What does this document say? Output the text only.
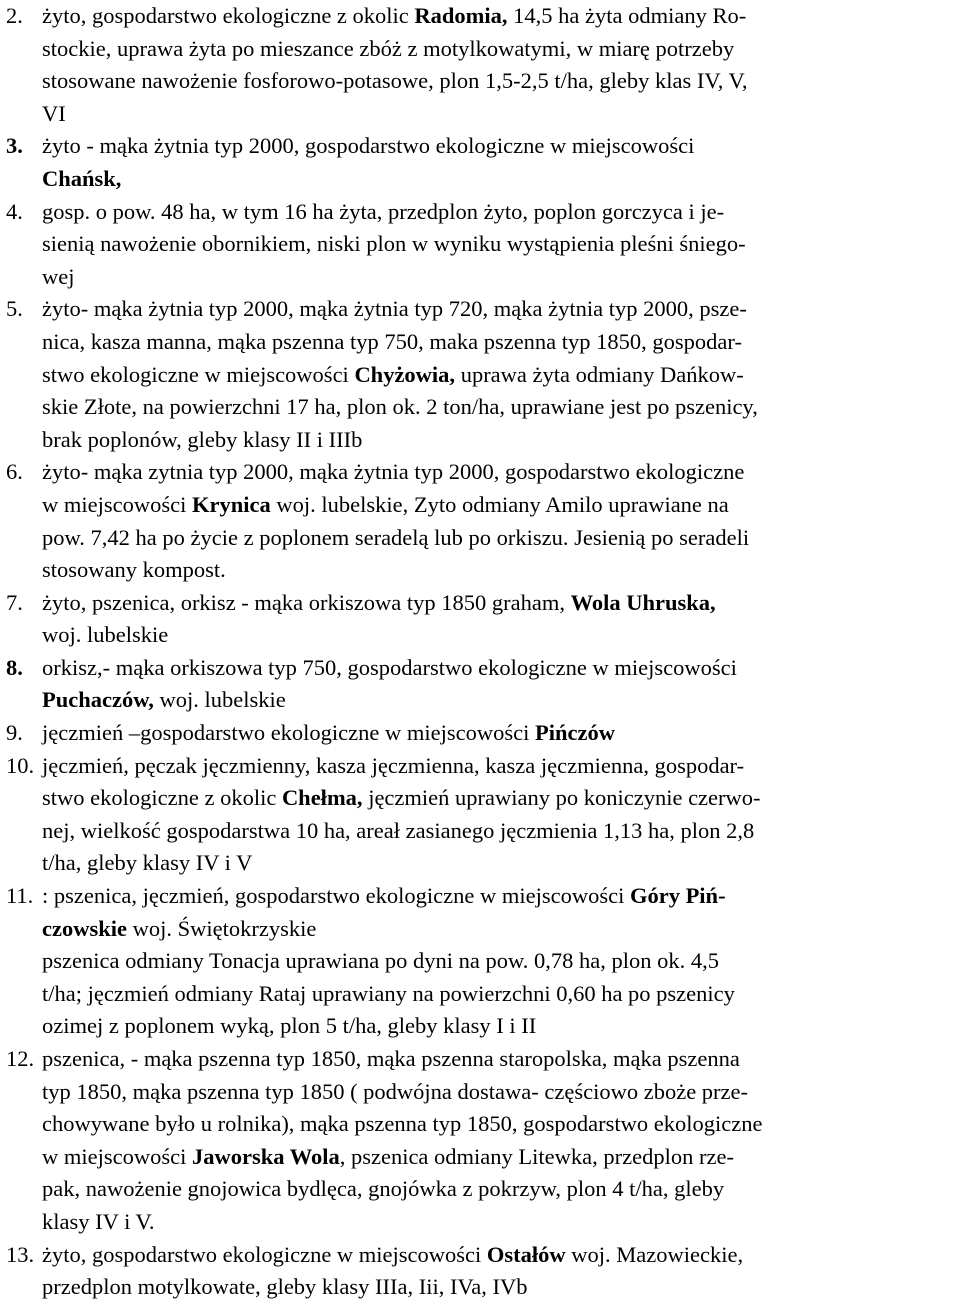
2. żyto, gospodarstwo ekologiczne z okolic Radomia, 14,5 ha żyta odmiany Ro-
stockie, uprawa żyta po mieszance zbóż z motylkowatymi, w miarę potrzeby
stosowane nawożenie fosforowo-potasowe, plon 1,5-2,5 t/ha, gleby klas IV, V,
VI
3. żyto - mąka żytnia typ 2000, gospodarstwo ekologiczne w miejscowości
Chańsk,
4. gosp. o pow. 48 ha, w tym 16 ha żyta, przedplon żyto, poplon gorczyca i je-
sienią nawożenie obornikiem, niski plon w wyniku wystąpienia pleśni śniego-
wej
5. żyto- mąka żytnia typ 2000, mąka żytnia typ 720, mąka żytnia typ 2000, psze-
nica, kasza manna, mąka pszenna typ 750, maka pszenna typ 1850, gospodar-
stwo ekologiczne w miejscowości Chyżowia, uprawa żyta odmiany Dańkow-
skie Złote, na powierzchni 17 ha, plon ok. 2 ton/ha, uprawiane jest po pszenicy,
brak poplonów, gleby klasy II i IIIb
6. żyto- mąka zytnia typ 2000, mąka żytnia typ 2000, gospodarstwo ekologiczne
w miejscowości Krynica woj. lubelskie, Zyto odmiany Amilo uprawiane na
pow. 7,42 ha po życie z poplonem seradelą lub po orkiszu. Jesienią po seradeli
stosowany kompost.
7. żyto, pszenica, orkisz - mąka orkiszowa typ 1850 graham, Wola Uhruska,
woj. lubelskie
8. orkisz,- mąka orkiszowa typ 750, gospodarstwo ekologiczne w miejscowości
Puchaczów, woj. lubelskie
9. jęczmień –gospodarstwo ekologiczne w miejscowości Pińczów
10. jęczmień, pęczak jęczmienny, kasza jęczmienna, kasza jęczmienna, gospodar-
stwo ekologiczne z okolic Chełma, jęczmień uprawiany po koniczynie czerwo-
nej, wielkość gospodarstwa 10 ha, areał zasianego jęczmienia 1,13 ha, plon 2,8
t/ha, gleby klasy IV i V
11. : pszenica, jęczmień, gospodarstwo ekologiczne w miejscowości Góry Piń-
czowskie woj. Świętokrzyskie
pszenica odmiany Tonacja uprawiana po dyni na pow. 0,78 ha, plon ok. 4,5
t/ha; jęczmień odmiany Rataj uprawiany na powierzchni 0,60 ha po pszenicy
ozimej z poplonem wyką, plon 5 t/ha, gleby klasy I i II
12. pszenica, - mąka pszenna typ 1850, mąka pszenna staropolska, mąka pszenna
typ 1850, mąka pszenna typ 1850 ( podwójna dostawa- częściowo zboże prze-
chowywane było u rolnika), mąka pszenna typ 1850, gospodarstwo ekologiczne
w miejscowości Jaworska Wola, pszenica odmiany Litewka, przedplon rze-
pak, nawożenie gnojowica bydlęca, gnojówka z pokrzyw, plon 4 t/ha, gleby
klasy IV i V.
13. żyto, gospodarstwo ekologiczne w miejscowości Ostałów woj. Mazowieckie,
przedplon motylkowate, gleby klasy IIIa, Iii, IVa, IVb
